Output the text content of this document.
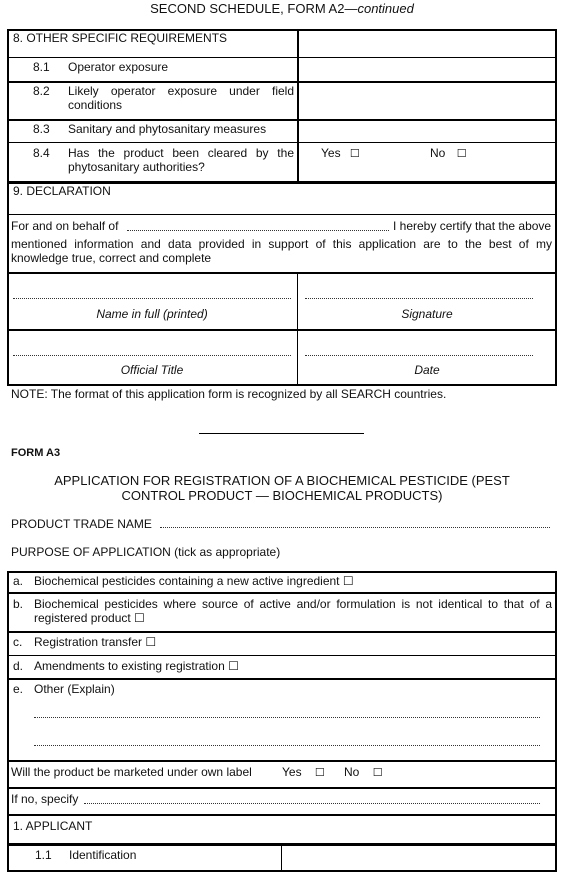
SECOND SCHEDULE, FORM A2—continued
8. OTHER SPECIFIC REQUIREMENTS
8.1 Operator exposure
8.2 Likely operator exposure under field
conditions
8.3 Sanitary and phytosanitary measures
8.4 Has the product been cleared by the
phytosanitary authorities?
Yes ☐	No ☐
9. DECLARATION
For and on behalf of	I hereby certify that the above
mentioned information and data provided in support of this application are to the best of my
knowledge true, correct and complete
Name in full (printed)	Signature
Official Title	Date
NOTE: The format of this application form is recognized by all SEARCH countries.
FORM A3
APPLICATION FOR REGISTRATION OF A BIOCHEMICAL PESTICIDE (PEST
CONTROL PRODUCT — BIOCHEMICAL PRODUCTS)
PRODUCT TRADE NAME
PURPOSE OF APPLICATION (tick as appropriate)
a. Biochemical pesticides containing a new active ingredient ☐
b. Biochemical pesticides where source of active and/or formulation is not identical to that of a
registered product ☐
c. Registration transfer ☐
d. Amendments to existing registration ☐
e. Other (Explain)
Will the product be marketed under own label	Yes ☐ No ☐
If no, specify
1. APPLICANT
1.1 Identification
